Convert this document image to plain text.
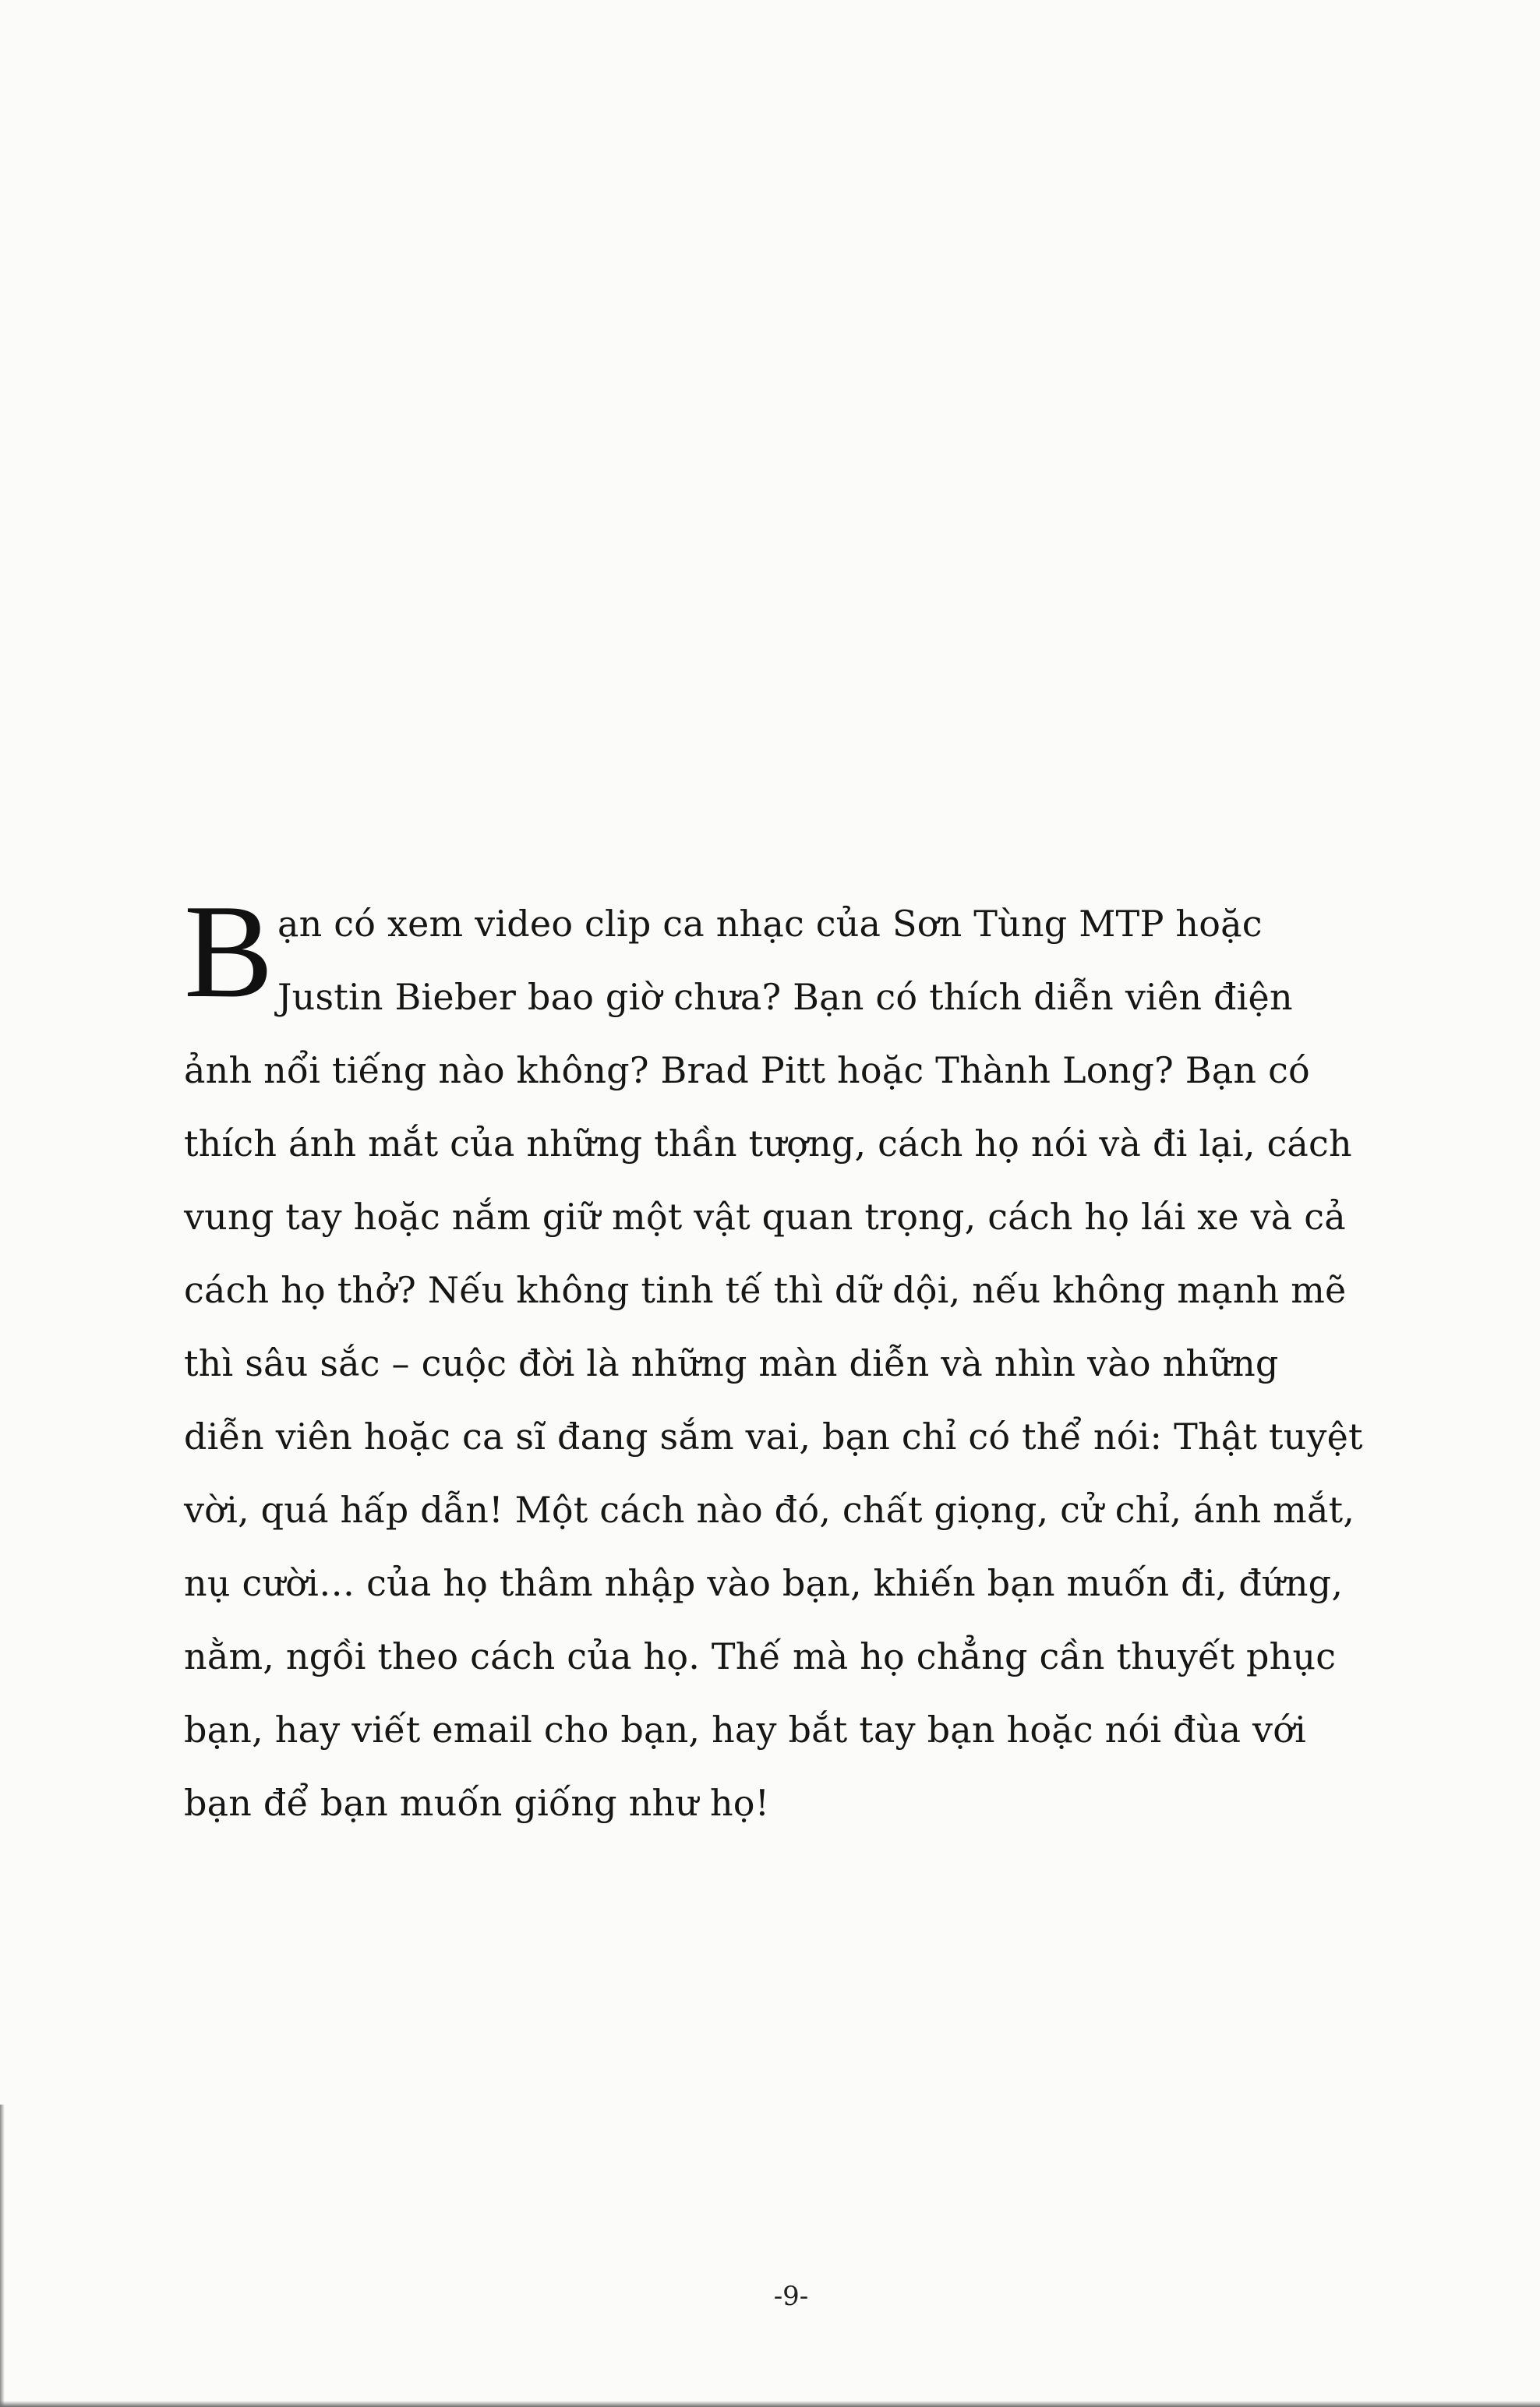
B ạn có xem video clip ca nhạc của Sơn Tùng MTP hoặc
Justin Bieber bao giờ chưa? Bạn có thích diễn viên điện
ảnh nổi tiếng nào không? Brad Pitt hoặc Thành Long? Bạn có
thích ánh mắt của những thần tượng, cách họ nói và đi lại, cách
vung tay hoặc nắm giữ một vật quan trọng, cách họ lái xe và cả
cách họ thở? Nếu không tinh tế thì dữ dội, nếu không mạnh mẽ
thì sâu sắc – cuộc đời là những màn diễn và nhìn vào những
diễn viên hoặc ca sĩ đang sắm vai, bạn chỉ có thể nói: Thật tuyệt
vời, quá hấp dẫn! Một cách nào đó, chất giọng, cử chỉ, ánh mắt,
nụ cười… của họ thâm nhập vào bạn, khiến bạn muốn đi, đứng,
nằm, ngồi theo cách của họ. Thế mà họ chẳng cần thuyết phục
bạn, hay viết email cho bạn, hay bắt tay bạn hoặc nói đùa với
bạn để bạn muốn giống như họ!
-9-
